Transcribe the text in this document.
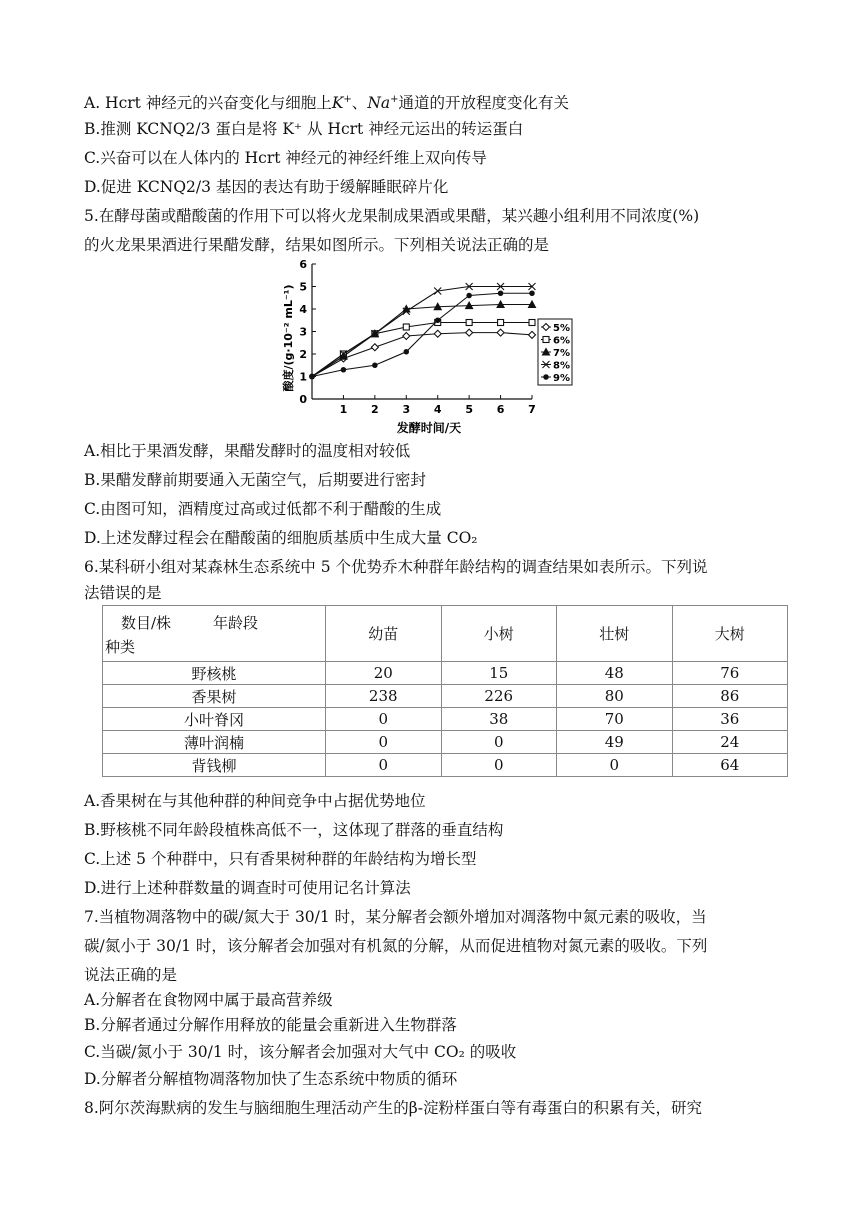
A. Hcrt 神经元的兴奋变化与细胞上K+、Na+通道的开放程度变化有关
B.推测 KCNQ2/3 蛋白是将 K⁺ 从 Hcrt 神经元运出的转运蛋白
C.兴奋可以在人体内的 Hcrt 神经元的神经纤维上双向传导
D.促进 KCNQ2/3 基因的表达有助于缓解睡眠碎片化
5.在酵母菌或醋酸菌的作用下可以将火龙果制成果酒或果醋，某兴趣小组利用不同浓度(%)
的火龙果果酒进行果醋发酵，结果如图所示。下列相关说法正确的是
0
1
2
3
4
5
6
1 2 3 4 5 6 7
5%
6%
7%
8%
9%
发酵时间/天
酸度/(g·10⁻² mL⁻¹)
A.相比于果酒发酵，果醋发酵时的温度相对较低
B.果醋发酵前期要通入无菌空气，后期要进行密封
C.由图可知，酒精度过高或过低都不利于醋酸的生成
D.上述发酵过程会在醋酸菌的细胞质基质中生成大量 CO₂
6.某科研小组对某森林生态系统中 5 个优势乔木种群年龄结构的调查结果如表所示。下列说
法错误的是
数目/株 年龄段
种类	幼苗	小树	壮树	大树
野核桃	20	15	48	76
香果树	238	226	80	86
小叶脊冈	0	38	70	36
薄叶润楠	0	0	49	24
背钱柳	0	0	0	64
A.香果树在与其他种群的种间竞争中占据优势地位
B.野核桃不同年龄段植株高低不一，这体现了群落的垂直结构
C.上述 5 个种群中，只有香果树种群的年龄结构为增长型
D.进行上述种群数量的调查时可使用记名计算法
7.当植物凋落物中的碳/氮大于 30/1 时，某分解者会额外增加对凋落物中氮元素的吸收，当
碳/氮小于 30/1 时，该分解者会加强对有机氮的分解，从而促进植物对氮元素的吸收。下列
说法正确的是
A.分解者在食物网中属于最高营养级
B.分解者通过分解作用释放的能量会重新进入生物群落
C.当碳/氮小于 30/1 时，该分解者会加强对大气中 CO₂ 的吸收
D.分解者分解植物凋落物加快了生态系统中物质的循环
8.阿尔茨海默病的发生与脑细胞生理活动产生的β-淀粉样蛋白等有毒蛋白的积累有关，研究
